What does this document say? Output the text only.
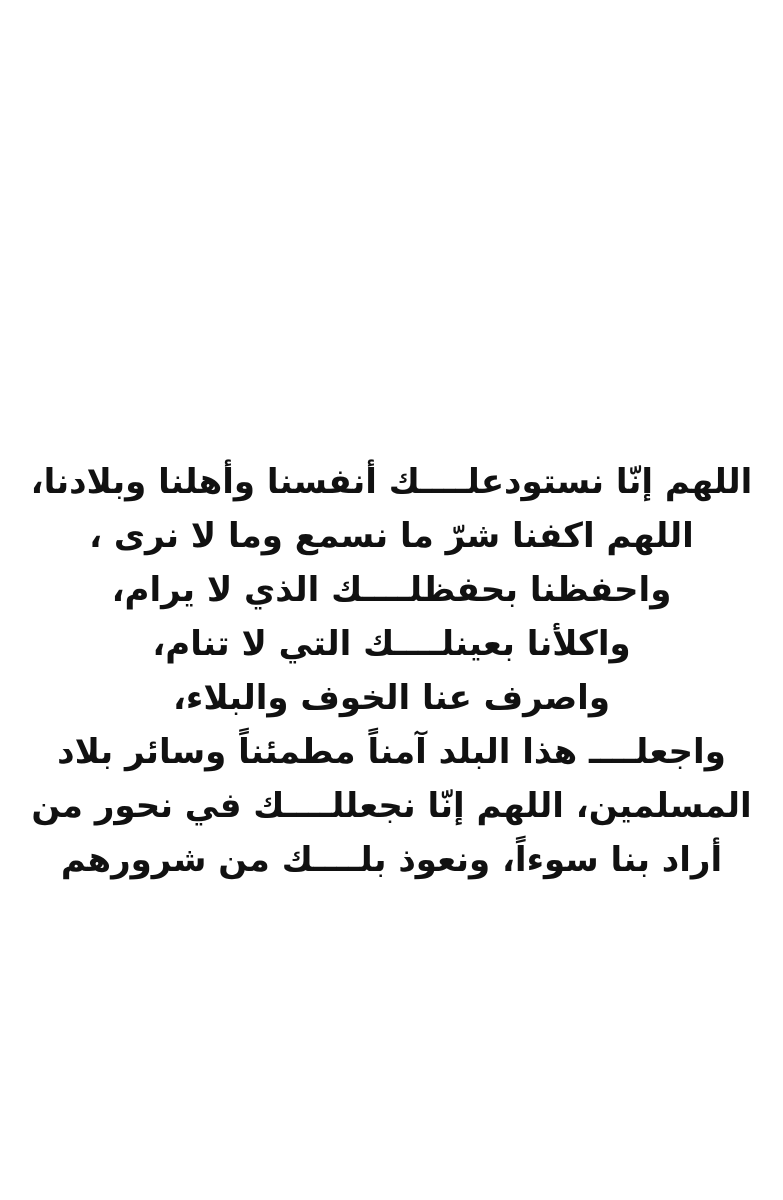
اللهم إنّا نستودعلــــك أنفسنا وأهلنا وبلادنا،
اللهم اكفنا شرّ ما نسمع وما لا نرى ،
واحفظنا بحفظلــــك الذي لا يرام،
واكلأنا بعينلــــك التي لا تنام،
واصرف عنا الخوف والبلاء،
واجعلــــ هذا البلد آمناً مطمئناً وسائر بلاد
المسلمين، اللهم إنّا نجعللــــك في نحور من
أراد بنا سوءاً، ونعوذ بلــــك من شرورهم
